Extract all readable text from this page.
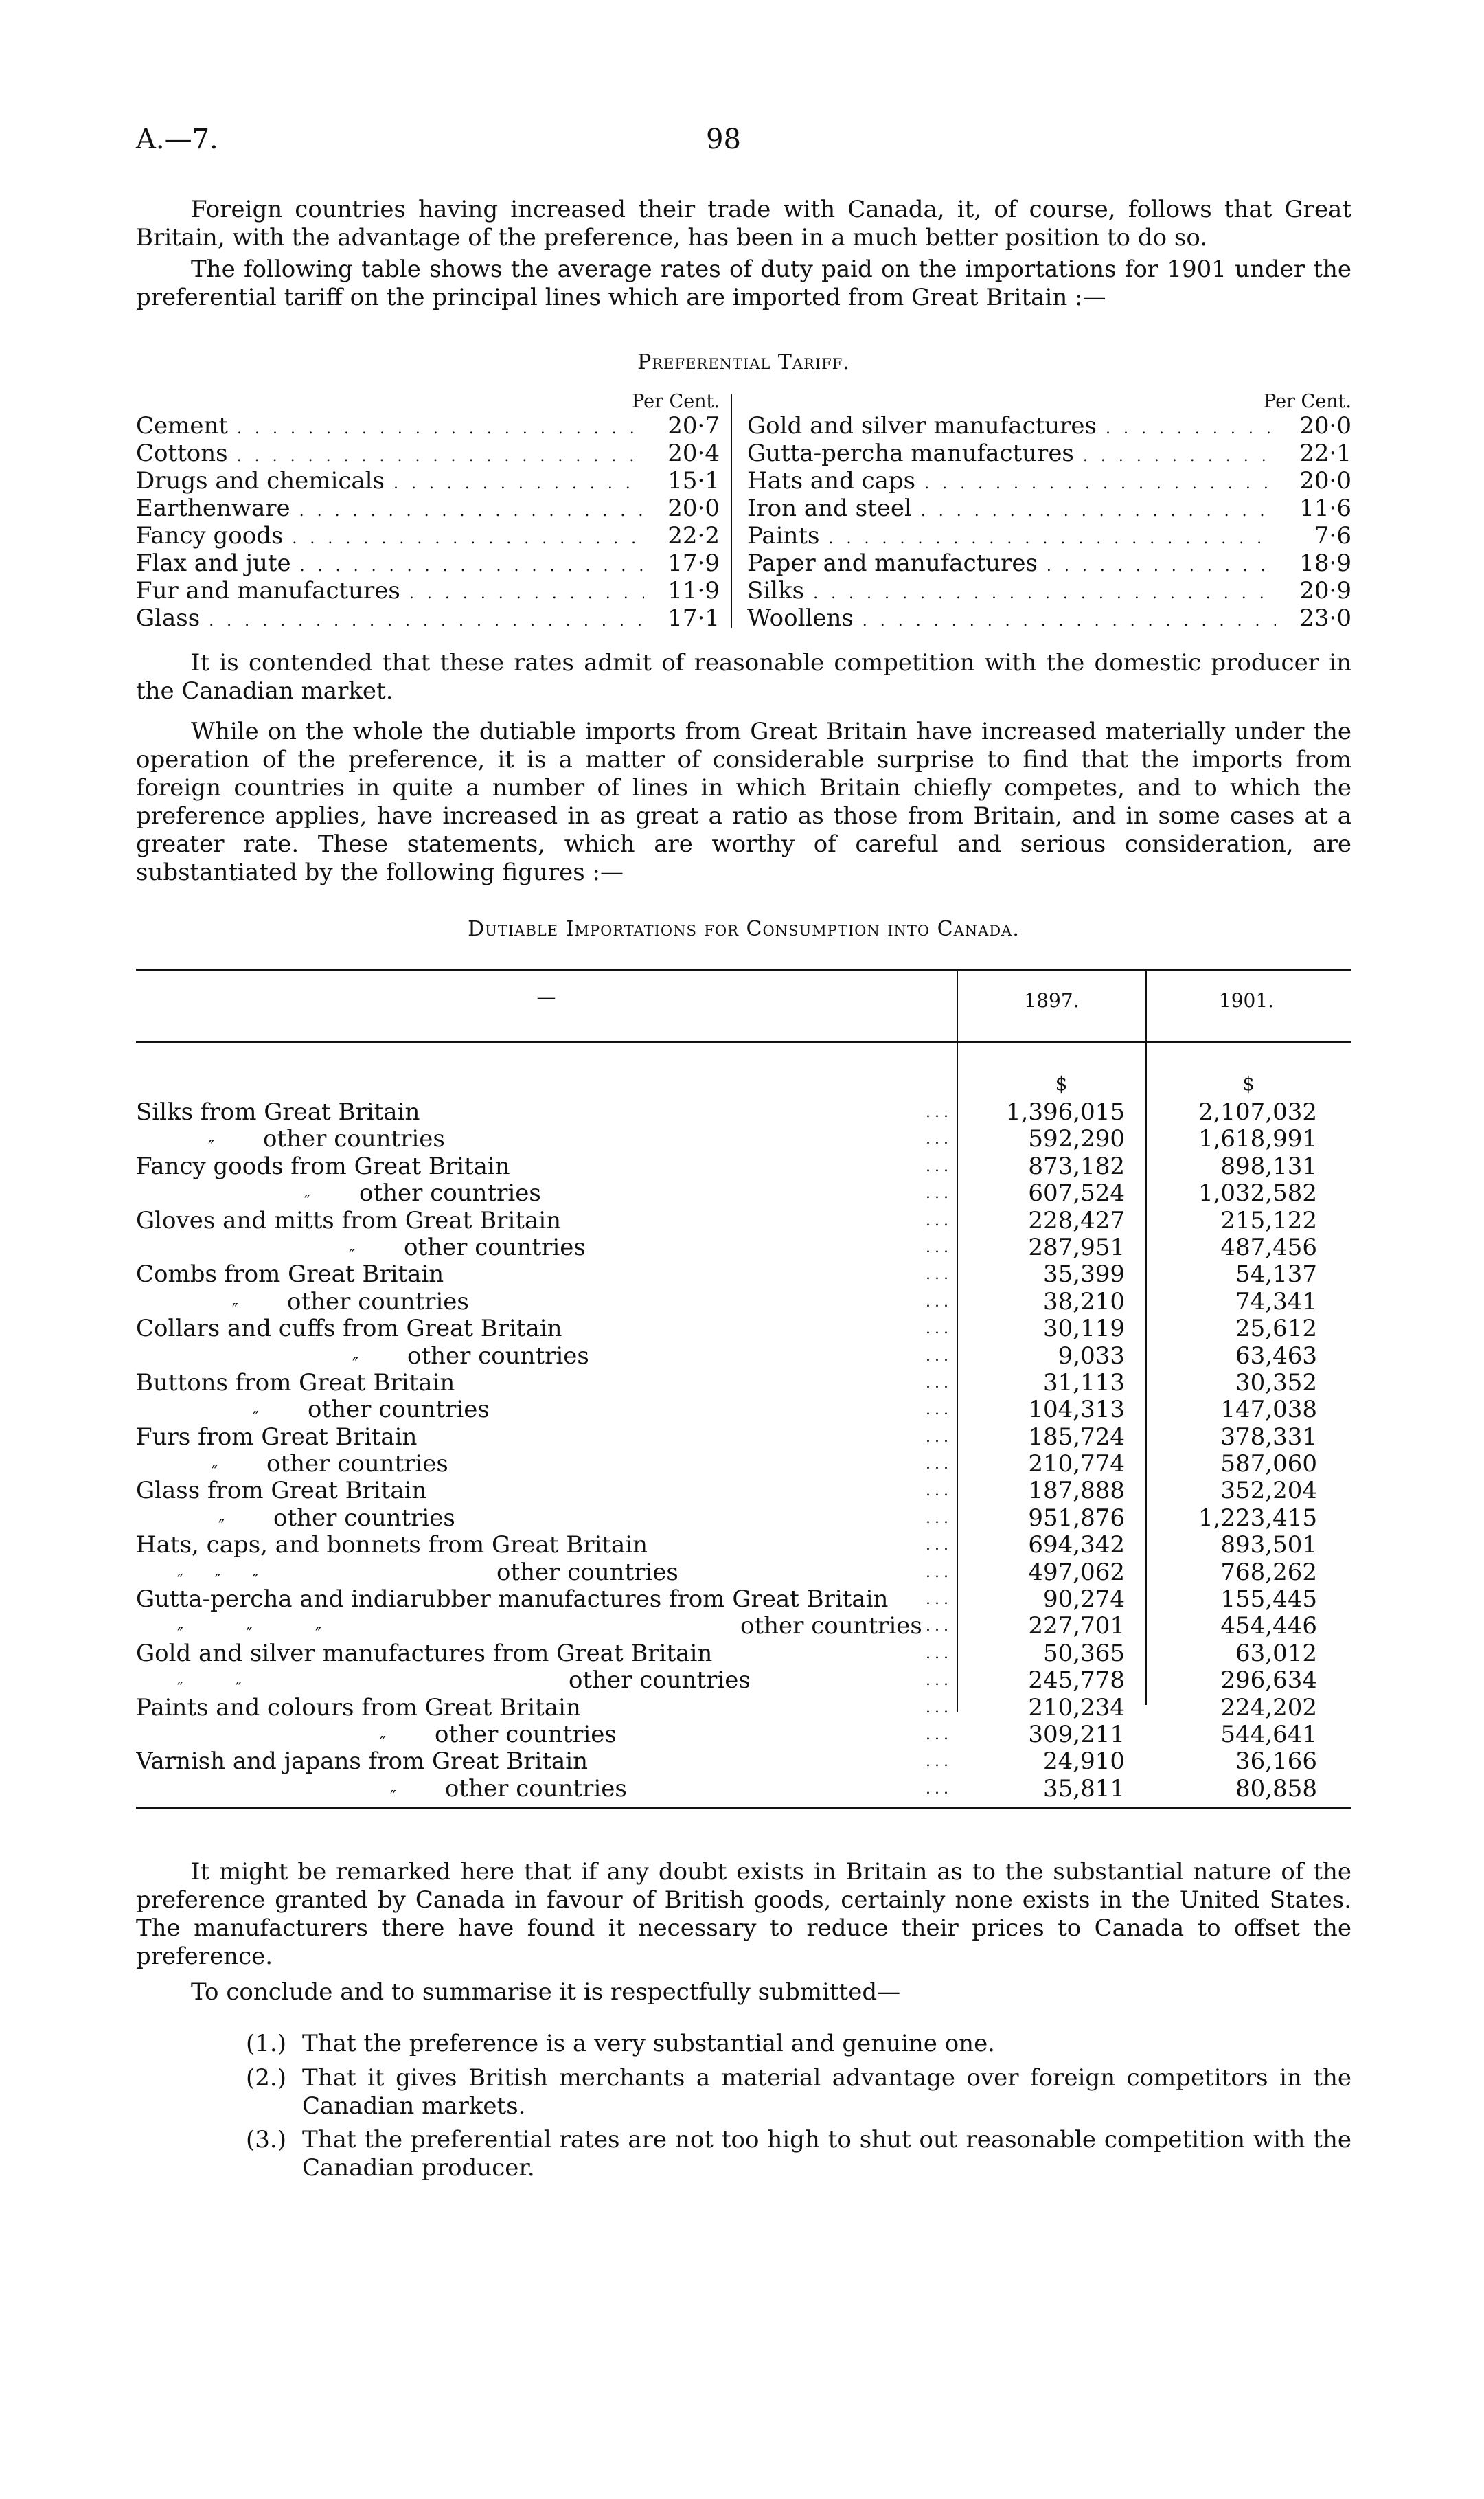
A.—7.	98
Foreign countries having increased their trade with Canada, it, of course, follows that Great Britain, with the advantage of the preference, has been in a much better position to do so.
The following table shows the average rates of duty paid on the importations for 1901 under the preferential tariff on the principal lines which are imported from Great Britain :—
Preferential Tariff.
Per Cent.
Cement . . .	20·7
Cottons . . .	20·4
Drugs and chemicals . . .	15·1
Earthenware . . .	20·0
Fancy goods . . .	22·2
Flax and jute . . .	17·9
Fur and manufactures . . .	11·9
Glass . . .	17·1
Per Cent.
Gold and silver manufactures . . .	20·0
Gutta-percha manufactures . . .	22·1
Hats and caps . . .	20·0
Iron and steel . . .	11·6
Paints . . .	7·6
Paper and manufactures . . .	18·9
Silks . . .	20·9
Woollens . . .	23·0
It is contended that these rates admit of reasonable competition with the domestic producer in the Canadian market.
While on the whole the dutiable imports from Great Britain have increased materially under the operation of the preference, it is a matter of considerable surprise to find that the imports from foreign countries in quite a number of lines in which Britain chiefly competes, and to which the preference applies, have increased in as great a ratio as those from Britain, and in some cases at a greater rate. These statements, which are worthy of careful and serious consideration, are substantiated by the following figures :—
Dutiable Importations for Consumption into Canada.
—	1897.	1901.
$	$
Silks from Great Britain	...	1,396,015	2,107,032
″ other countries	...	592,290	1,618,991
Fancy goods from Great Britain	...	873,182	898,131
″ other countries	...	607,524	1,032,582
Gloves and mitts from Great Britain	...	228,427	215,122
″ other countries	...	287,951	487,456
Combs from Great Britain	...	35,399	54,137
″ other countries	...	38,210	74,341
Collars and cuffs from Great Britain	...	30,119	25,612
″ other countries	...	9,033	63,463
Buttons from Great Britain	...	31,113	30,352
″ other countries	...	104,313	147,038
Furs from Great Britain	...	185,724	378,331
″ other countries	...	210,774	587,060
Glass from Great Britain	...	187,888	352,204
″ other countries	...	951,876	1,223,415
Hats, caps, and bonnets from Great Britain	...	694,342	893,501
″      ″      ″	other countries	...	497,062	768,262
Gutta-percha and indiarubber manufactures from Great Britain ...	90,274	155,445
″            ″            ″	other countries ...	227,701	454,446
Gold and silver manufactures from Great Britain	...	50,365	63,012
″          ″	other countries	...	245,778	296,634
Paints and colours from Great Britain	...	210,234	224,202
″ other countries	...	309,211	544,641
Varnish and japans from Great Britain	...	24,910	36,166
″ other countries	...	35,811	80,858
It might be remarked here that if any doubt exists in Britain as to the substantial nature of the preference granted by Canada in favour of British goods, certainly none exists in the United States. The manufacturers there have found it necessary to reduce their prices to Canada to offset the preference.
To conclude and to summarise it is respectfully submitted—
(1.) That the preference is a very substantial and genuine one.
(2.) That it gives British merchants a material advantage over foreign competitors in the Canadian markets.
(3.) That the preferential rates are not too high to shut out reasonable competition with the Canadian producer.
